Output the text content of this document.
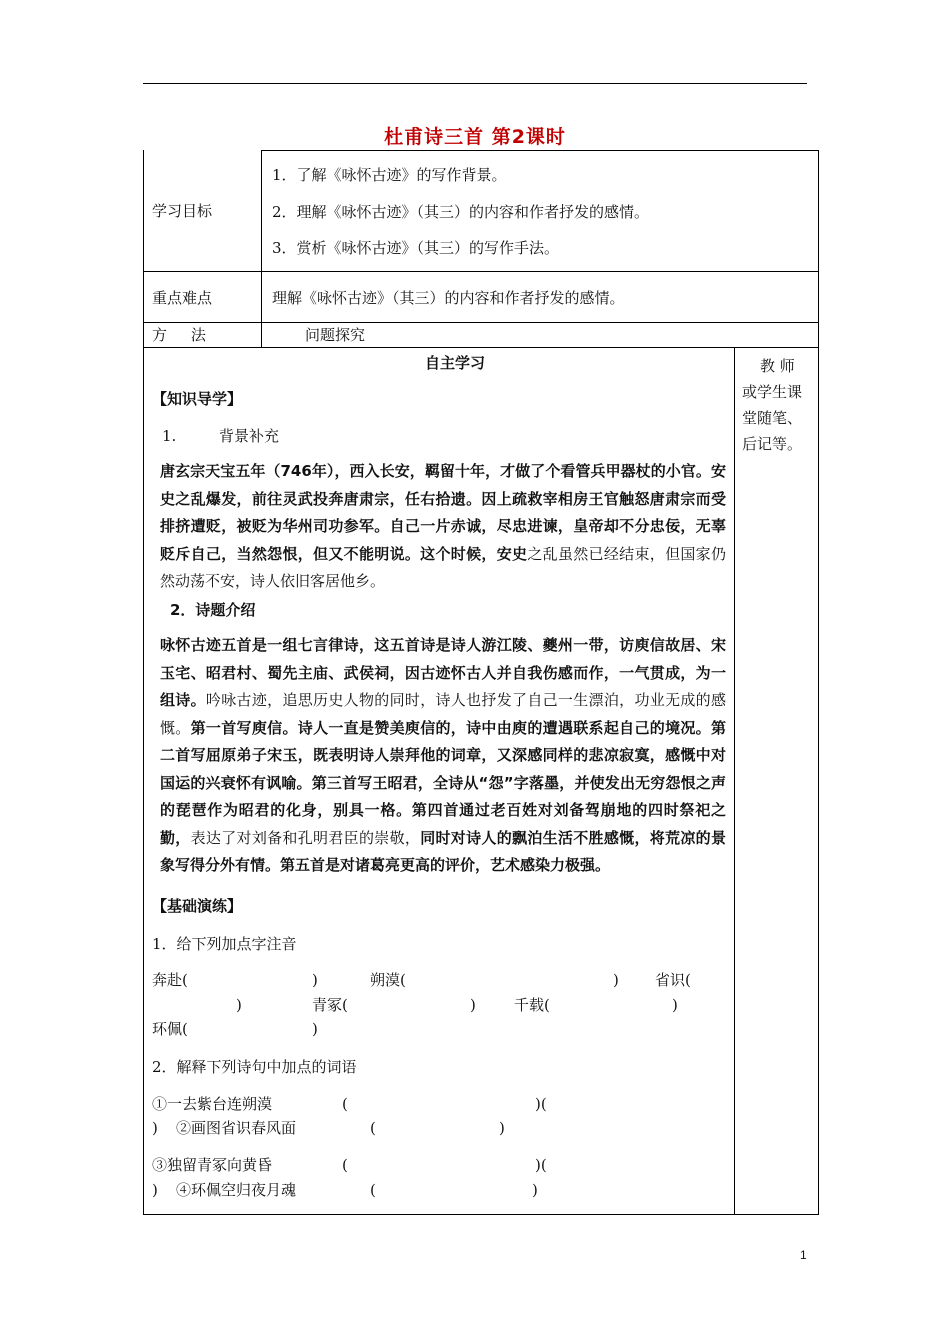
杜甫诗三首 第2课时
学习目标
1．了解《咏怀古迹》的写作背景。
2．理解《咏怀古迹》（其三）的内容和作者抒发的感情。
3．赏析《咏怀古迹》（其三）的写作手法。
重点难点	理解《咏怀古迹》（其三）的内容和作者抒发的感情。
方     法	问题探究
教 师
或学生课
堂随笔、
后记等。
自主学习
【知识导学】
1.	背景补充
唐玄宗天宝五年（746年），西入长安，羁留十年，才做了个看管兵甲器杖的小官。安史之乱爆发，前往灵武投奔唐肃宗，任右拾遗。因上疏救宰相房王官触怒唐肃宗而受排挤遭贬，被贬为华州司功参军。自己一片赤诚，尽忠进谏，皇帝却不分忠佞，无辜贬斥自己，当然怨恨，但又不能明说。这个时候，安史之乱虽然已经结束，但国家仍然动荡不安，诗人依旧客居他乡。
2．诗题介绍
咏怀古迹五首是一组七言律诗，这五首诗是诗人游江陵、夔州一带，访庾信故居、宋玉宅、昭君村、蜀先主庙、武侯祠，因古迹怀古人并自我伤感而作，一气贯成，为一组诗。吟咏古迹，追思历史人物的同时，诗人也抒发了自己一生漂泊，功业无成的感慨。第一首写庾信。诗人一直是赞美庾信的，诗中由庾的遭遇联系起自己的境况。第二首写屈原弟子宋玉，既表明诗人崇拜他的词章，又深感同样的悲凉寂寞，感慨中对国运的兴衰怀有讽喻。第三首写王昭君，全诗从“怨”字落墨，并使发出无穷怨恨之声的琵琶作为昭君的化身，别具一格。第四首通过老百姓对刘备驾崩地的四时祭祀之勤，表达了对刘备和孔明君臣的崇敬，同时对诗人的飘泊生活不胜感慨，将荒凉的景象写得分外有情。第五首是对诸葛亮更高的评价，艺术感染力极强。
【基础演练】
1．给下列加点字注音
奔赴(	)	朔漠(	) 省识(
)	青冢(	)	千载(	)
环佩(	)
2．解释下列诗句中加点的词语
①一去紫台连朔漠	(	)(
) ②画图省识春风面	(	)
③独留青冢向黄昏	(	)(
) ④环佩空归夜月魂	(	)
1
